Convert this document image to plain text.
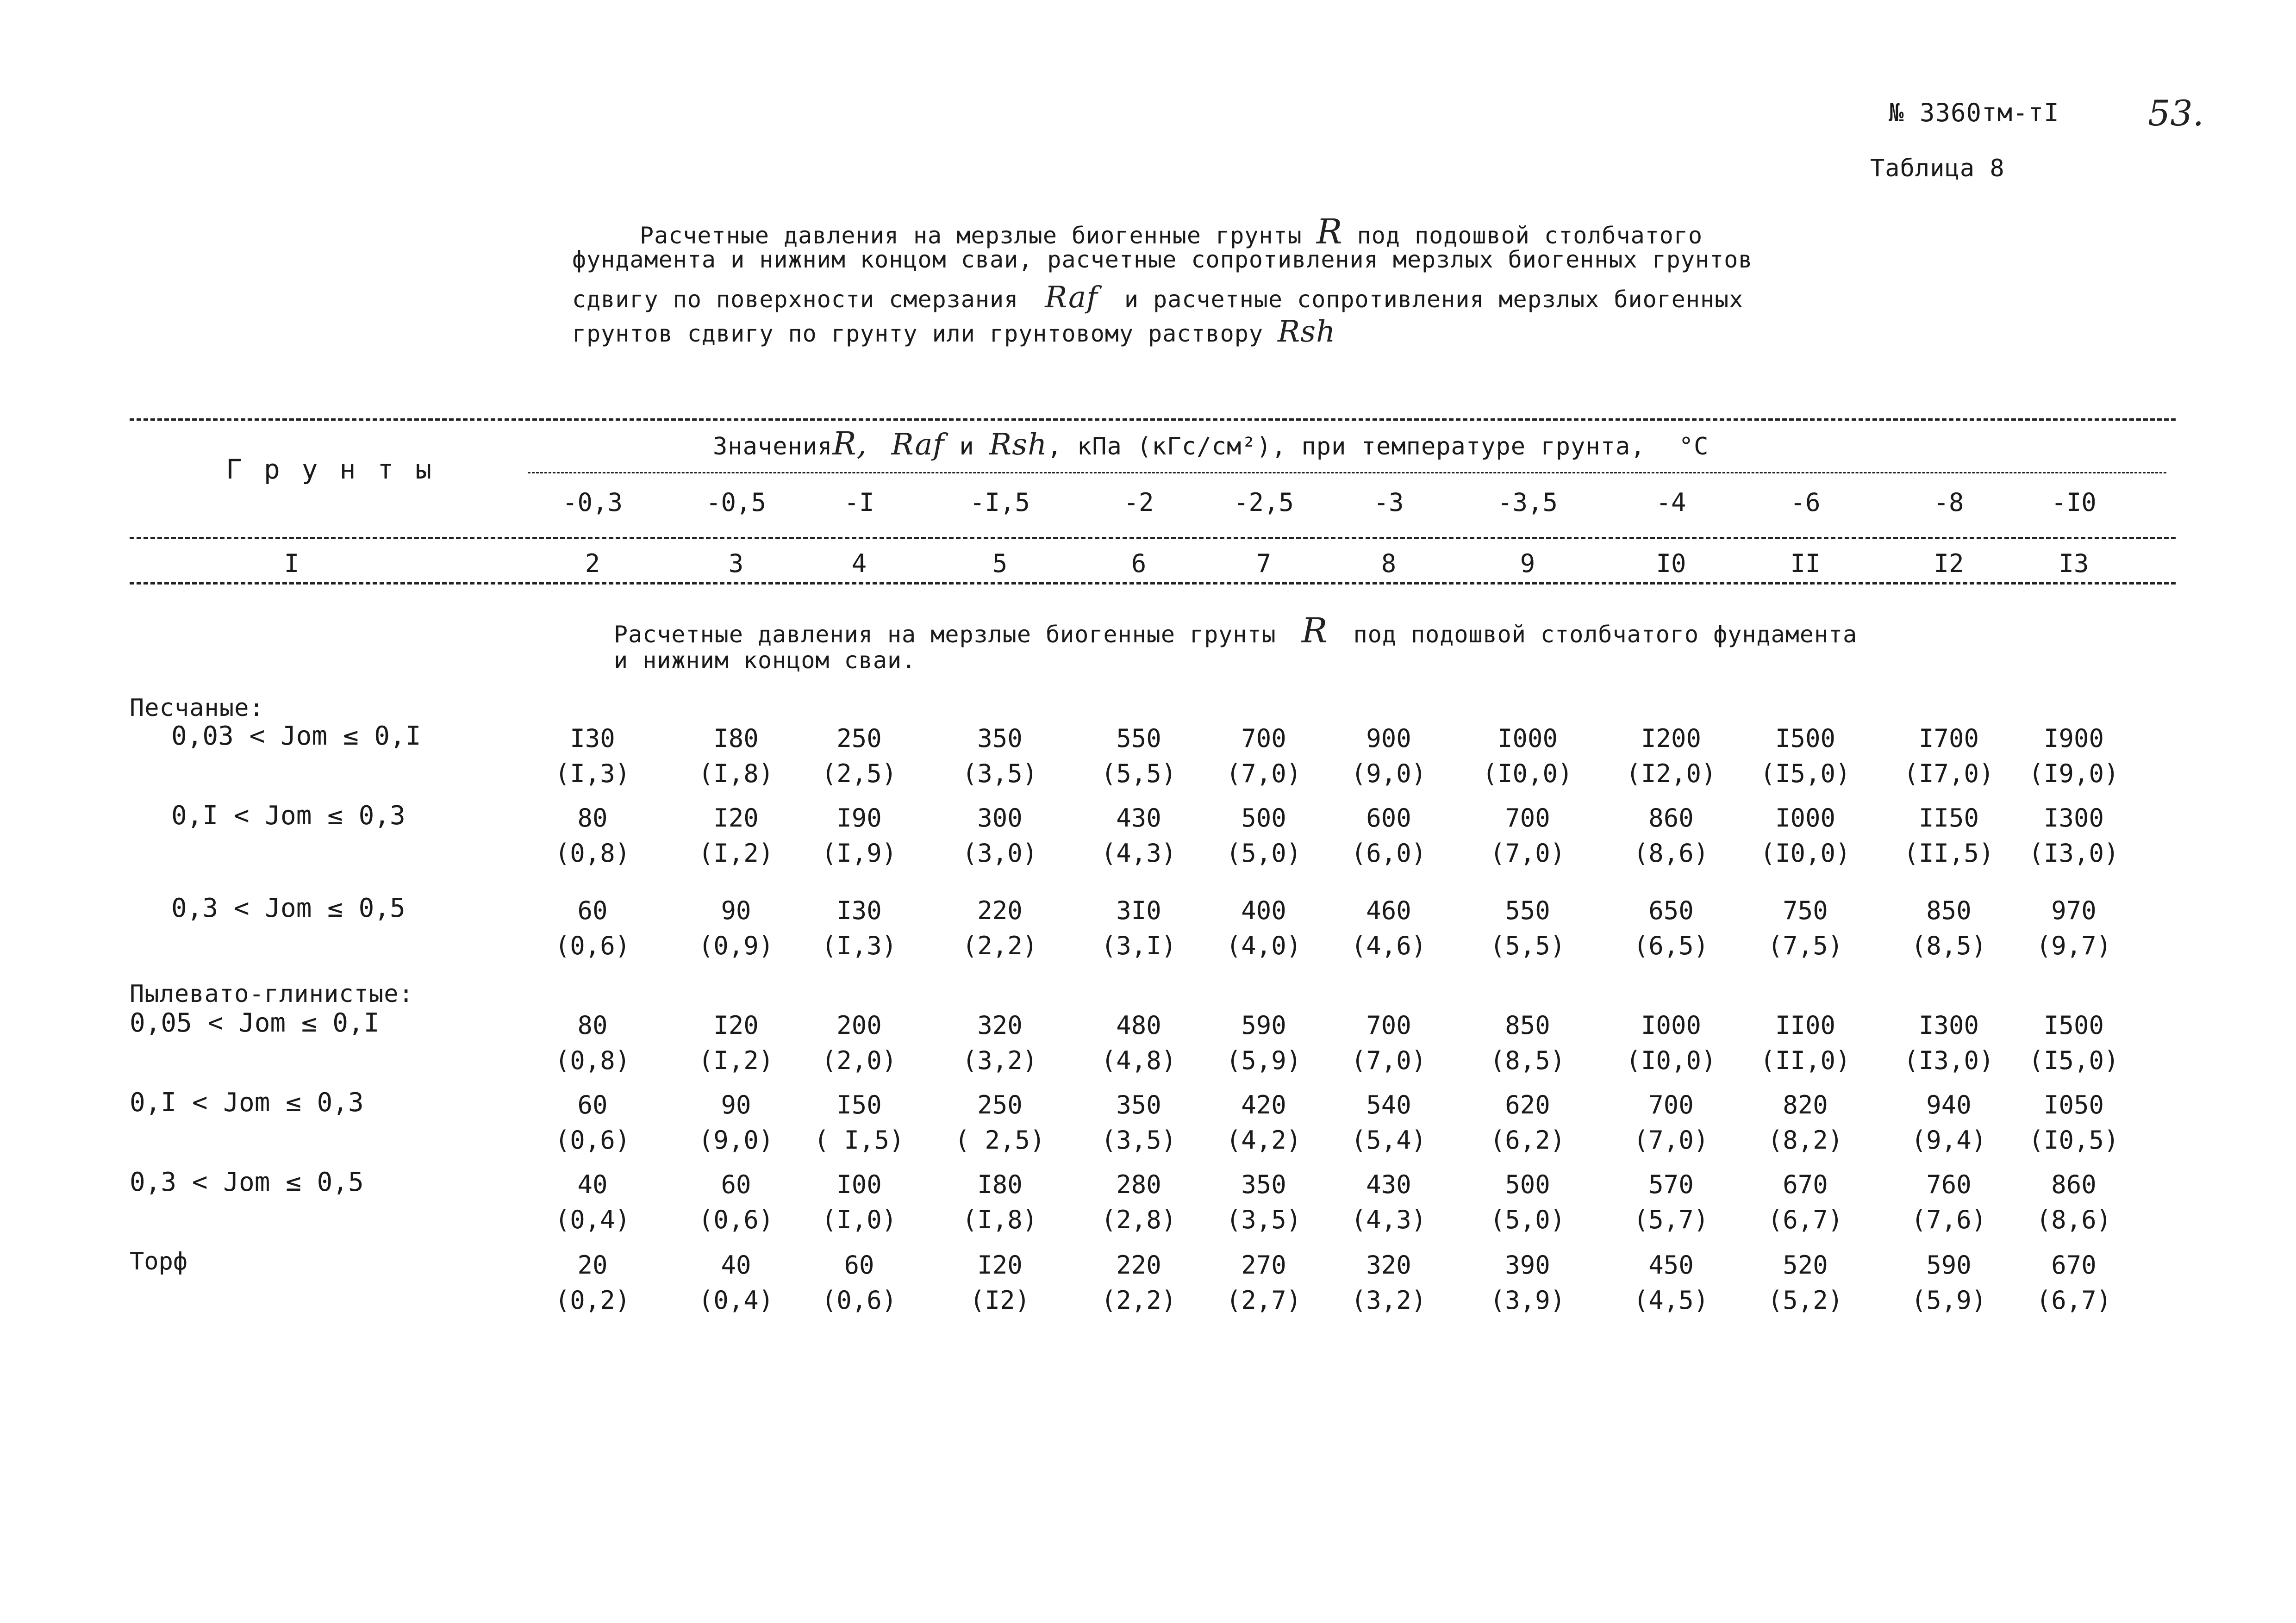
№ 3360тм-тI	53.
Таблица 8
Расчетные давления на мерзлые биогенные грунты R под подошвой столбчатого
фундамента и нижним концом сваи, расчетные сопротивления мерзлых биогенных грунтов
сдвигу по поверхности смерзания Raf и расчетные сопротивления мерзлых биогенных
грунтов сдвигу по грунту или грунтовому раствору Rsh
Г р у н т ы
ЗначенияR, Raf и Rsh, кПа (кГс/см²), при температуре грунта, °C
-0,3	-0,5	-I	-I,5	-2	-2,5	-3	-3,5	-4	-6	-8	-I0
I	2	3	4	5	6	7	8	9	I0	II	I2	I3
Расчетные давления на мерзлые биогенные грунты R под подошвой столбчатого фундамента
и нижним концом сваи.
Песчаные:
Пылевато-глинистые:
0,03 < Jom ≤ 0,I	I30	I80	250	350	550	700	900	I000	I200	I500	I700	I900
(I,3)	(I,8)	(2,5)	(3,5)	(5,5)	(7,0)	(9,0)	(I0,0)	(I2,0)	(I5,0)	(I7,0)	(I9,0)
0,I < Jom ≤ 0,3	80	I20	I90	300	430	500	600	700	860	I000	II50	I300
(0,8)	(I,2)	(I,9)	(3,0)	(4,3)	(5,0)	(6,0)	(7,0)	(8,6)	(I0,0)	(II,5)	(I3,0)
0,3 < Jom ≤ 0,5	60	90	I30	220	3I0	400	460	550	650	750	850	970
(0,6)	(0,9)	(I,3)	(2,2)	(3,I)	(4,0)	(4,6)	(5,5)	(6,5)	(7,5)	(8,5)	(9,7)
0,05 < Jom ≤ 0,I	80	I20	200	320	480	590	700	850	I000	II00	I300	I500
(0,8)	(I,2)	(2,0)	(3,2)	(4,8)	(5,9)	(7,0)	(8,5)	(I0,0)	(II,0)	(I3,0)	(I5,0)
0,I < Jom ≤ 0,3	60	90	I50	250	350	420	540	620	700	820	940	I050
(0,6)	(9,0)	( I,5)	( 2,5)	(3,5)	(4,2)	(5,4)	(6,2)	(7,0)	(8,2)	(9,4)	(I0,5)
0,3 < Jom ≤ 0,5	40	60	I00	I80	280	350	430	500	570	670	760	860
(0,4)	(0,6)	(I,0)	(I,8)	(2,8)	(3,5)	(4,3)	(5,0)	(5,7)	(6,7)	(7,6)	(8,6)
Торф	20	40	60	I20	220	270	320	390	450	520	590	670
(0,2)	(0,4)	(0,6)	(I2)	(2,2)	(2,7)	(3,2)	(3,9)	(4,5)	(5,2)	(5,9)	(6,7)
